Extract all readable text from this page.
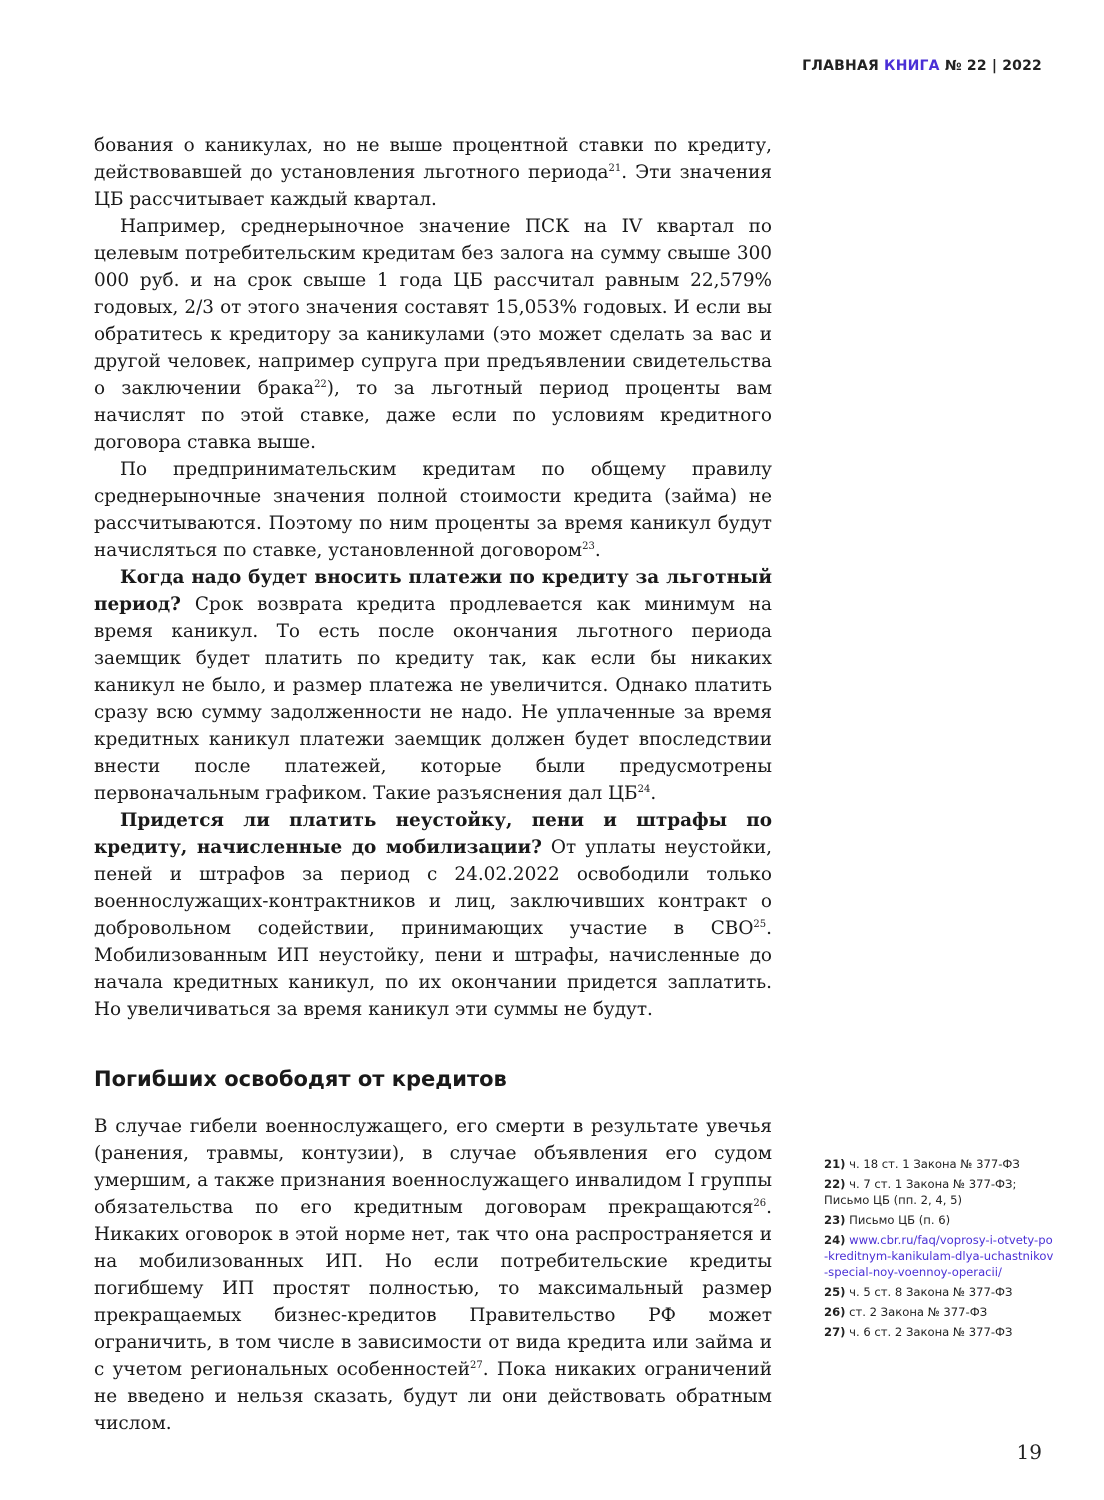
ГЛАВНАЯ КНИГА № 22 | 2022

бования о каникулах, но не выше процентной ставки по кредиту, действовавшей до установления льготного периода$^{21}$. Эти значения ЦБ рассчитывает каждый квартал.

Например, среднерыночное значение ПСК на IV квартал по целевым потребительским кредитам без залога на сумму свыше 300 000 руб. и на срок свыше 1 года ЦБ рассчитал равным 22,579% годовых, 2/3 от этого значения составят 15,053% годовых. И если вы обратитесь к кредитору за каникулами (это может сделать за вас и другой человек, например супруга при предъявлении свидетельства о заключении брака$^{22}$), то за льготный период проценты вам начислят по этой ставке, даже если по условиям кредитного договора ставка выше.

По предпринимательским кредитам по общему правилу среднерыночные значения полной стоимости кредита (займа) не рассчитываются. Поэтому по ним проценты за время каникул будут начисляться по ставке, установленной договором$^{23}$.

Когда надо будет вносить платежи по кредиту за льготный период? Срок возврата кредита продлевается как минимум на время каникул. То есть после окончания льготного периода заемщик будет платить по кредиту так, как если бы никаких каникул не было, и размер платежа не увеличится. Однако платить сразу всю сумму задолженности не надо. Не уплаченные за время кредитных каникул платежи заемщик должен будет впоследствии внести после платежей, которые были предусмотрены первоначальным графиком. Такие разъяснения дал ЦБ$^{24}$.

Придется ли платить неустойку, пени и штрафы по кредиту, начисленные до мобилизации? От уплаты неустойки, пеней и штрафов за период с 24.02.2022 освободили только военнослужащих-контрактников и лиц, заключивших контракт о добровольном содействии, принимающих участие в СВО$^{25}$. Мобилизованным ИП неустойку, пени и штрафы, начисленные до начала кредитных каникул, по их окончании придется заплатить. Но увеличиваться за время каникул эти суммы не будут.

Погибших освободят от кредитов

В случае гибели военнослужащего, его смерти в результате увечья (ранения, травмы, контузии), в случае объявления его судом умершим, а также признания военнослужащего инвалидом I группы обязательства по его кредитным договорам прекращаются$^{26}$. Никаких оговорок в этой норме нет, так что она распространяется и на мобилизованных ИП. Но если потребительские кредиты погибшему ИП простят полностью, то максимальный размер прекращаемых бизнес-кредитов Правительство РФ может ограничить, в том числе в зависимости от вида кредита или займа и с учетом региональных особенностей$^{27}$. Пока никаких ограничений не введено и нельзя сказать, будут ли они действовать обратным числом.

21) ч. 18 ст. 1 Закона № 377-ФЗ
22) ч. 7 ст. 1 Закона № 377-ФЗ; Письмо ЦБ (пп. 2, 4, 5)
23) Письмо ЦБ (п. 6)
24) www.cbr.ru/faq/voprosy-i-otvety-po-kreditnym-kanikulam-dlya-uchastnikov-special-noy-voennoy-operacii/
25) ч. 5 ст. 8 Закона № 377-ФЗ
26) ст. 2 Закона № 377-ФЗ
27) ч. 6 ст. 2 Закона № 377-ФЗ
19
